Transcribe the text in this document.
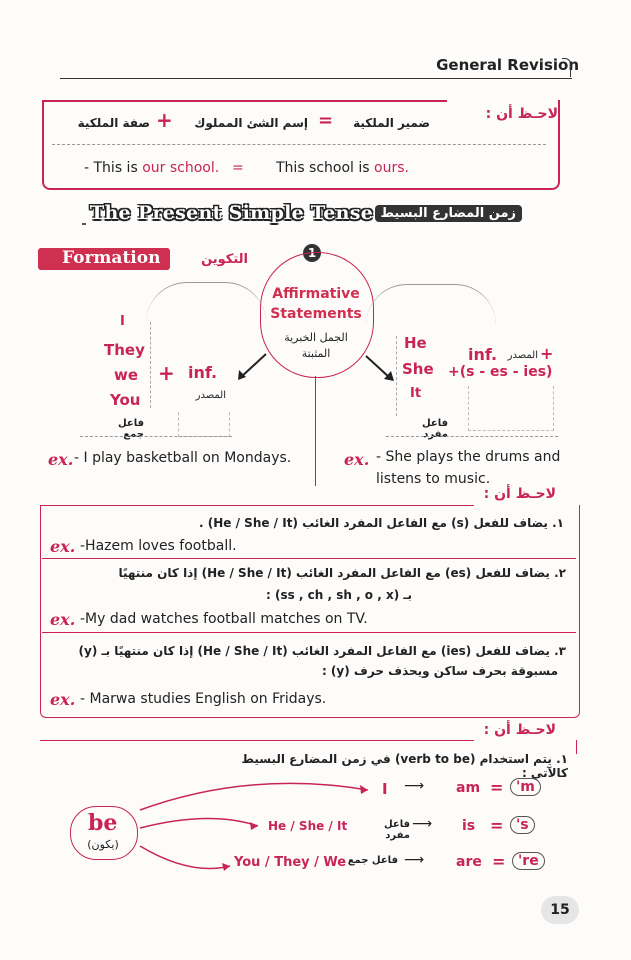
General Revision
لاحـظ أن :
ضمير الملكية
=
إسم الشئ المملوك
+
صفة الملكية
- This is our school. = This school is ours.
The Present Simple Tense زمن المضارع البسيط
Formation	التكوين	1
Affirmative Statements
الجمل الخبرية المثبتة
I
They
we
You
+ inf.
المصدر
فاعل جمع
He
She
It
inf.	المصدر +
+(s - es - ies)
فاعل مفرد
ex. - I play basketball on Mondays.	ex. - She plays the drums and listens to music.
لاحـظ أن :
١. يضاف للفعل (s) مع الفاعل المفرد الغائب (He / She / It) .
ex. -Hazem loves football.
٢. يضاف للفعل (es) مع الفاعل المفرد الغائب (He / She / It) إذا كان منتهيًا
بـ (ss , ch , sh , o , x) :
ex. -My dad watches football matches on TV.
٣. يضاف للفعل (ies) مع الفاعل المفرد الغائب (He / She / It) إذا كان منتهيًا بـ (y)
مسبوقة بحرف ساكن ويحذف حرف (y) :
ex. - Marwa studies English on Fridays.
لاحـظ أن :
١. يتم استخدام (verb to be) في زمن المضارع البسيط كالآتي :
be
(يكون)
I ⟶ am = 'm
He / She / It	فاعل مفرد
⟶ is = 's
You / They / We فاعل جمع ⟶ are = 're
15
